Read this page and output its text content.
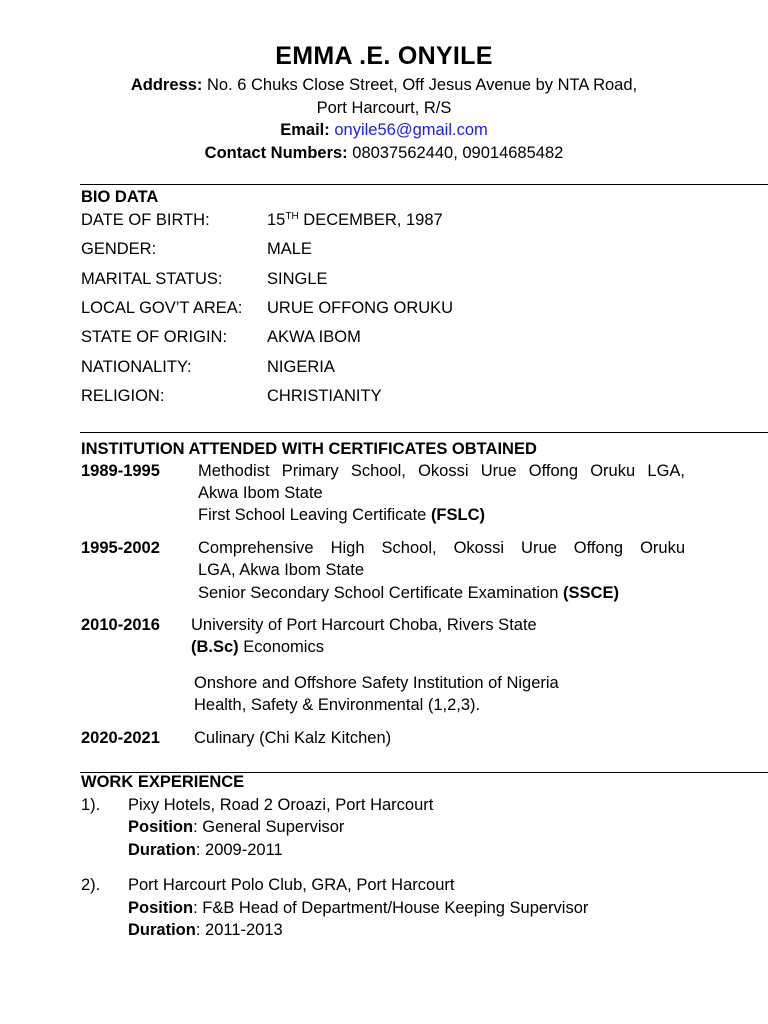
EMMA .E. ONYILE
Address: No. 6 Chuks Close Street, Off Jesus Avenue by NTA Road,
Port Harcourt, R/S
Email: onyile56@gmail.com
Contact Numbers: 08037562440, 09014685482
BIO DATA
DATE OF BIRTH:	15TH DECEMBER, 1987
GENDER:	MALE
MARITAL STATUS:	SINGLE
LOCAL GOV’T AREA: URUE OFFONG ORUKU
STATE OF ORIGIN: AKWA IBOM
NATIONALITY:	NIGERIA
RELIGION:	CHRISTIANITY
INSTITUTION ATTENDED WITH CERTIFICATES OBTAINED
1989-1995 Methodist Primary School, Okossi Urue Offong Oruku LGA,
Akwa Ibom State
First School Leaving Certificate (FSLC)
1995-2002 Comprehensive High School, Okossi Urue Offong Oruku
LGA, Akwa Ibom State
Senior Secondary School Certificate Examination (SSCE)
2010-2016 University of Port Harcourt Choba, Rivers State
(B.Sc) Economics
Onshore and Offshore Safety Institution of Nigeria
Health, Safety & Environmental (1,2,3).
2020-2021 Culinary (Chi Kalz Kitchen)
WORK EXPERIENCE
1). Pixy Hotels, Road 2 Oroazi, Port Harcourt
Position: General Supervisor
Duration: 2009-2011
2). Port Harcourt Polo Club, GRA, Port Harcourt
Position: F&B Head of Department/House Keeping Supervisor
Duration: 2011-2013
